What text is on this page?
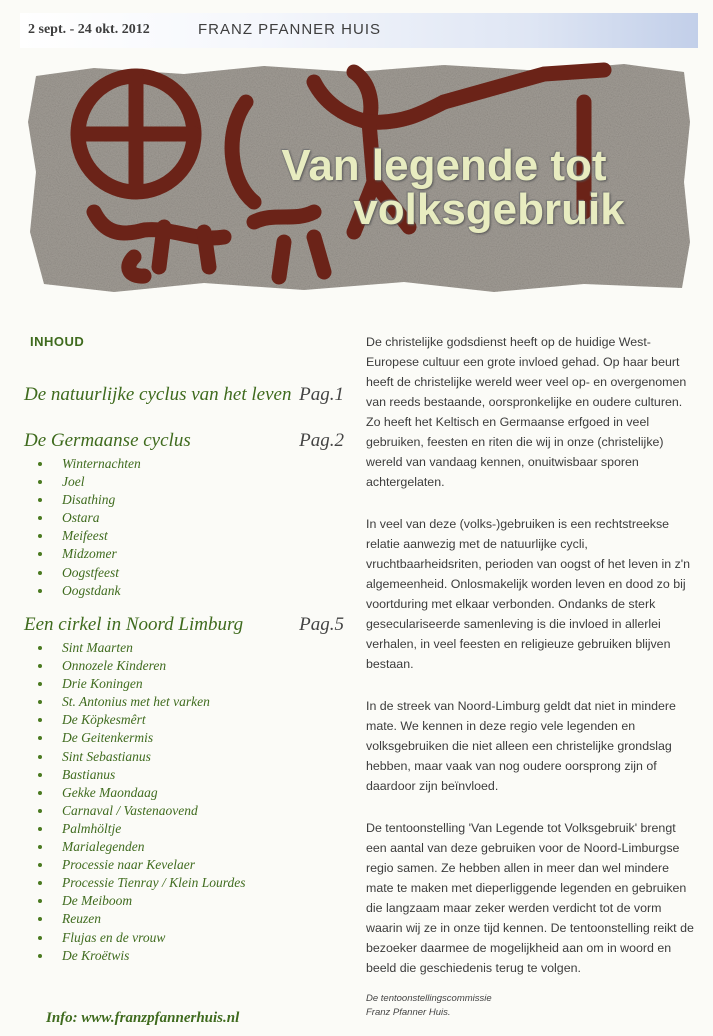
2 sept. - 24 okt. 2012	FRANZ PFANNER HUIS
Van legende tot
volksgebruik
INHOUD
De natuurlijke cyclus van het leven Pag.1
De Germaanse cyclus	Pag.2
Winternachten
Joel
Disathing
Ostara
Meifeest
Midzomer
Oogstfeest
Oogstdank
Een cirkel in Noord Limburg	Pag.5
Sint Maarten
Onnozele Kinderen
Drie Koningen
St. Antonius met het varken
De Köpkesmêrt
De Geitenkermis
Sint Sebastianus
Bastianus
Gekke Maondaag
Carnaval / Vastenaovend
Palmhöltje
Marialegenden
Processie naar Kevelaer
Processie Tienray / Klein Lourdes
De Meiboom
Reuzen
Flujas en de vrouw
De Kroëtwis
Info: www.franzpfannerhuis.nl

De christelijke godsdienst heeft op de huidige West-Europese cultuur een grote invloed gehad. Op haar beurt heeft de christelijke wereld weer veel op- en overgenomen van reeds bestaande, oorspronkelijke en oudere culturen. Zo heeft het Keltisch en Germaanse erfgoed in veel gebruiken, feesten en riten die wij in onze (christelijke) wereld van vandaag kennen, onuitwisbaar sporen achtergelaten.

In veel van deze (volks-)gebruiken is een rechtstreekse relatie aanwezig met de natuurlijke cycli, vruchtbaarheidsriten, perioden van oogst of het leven in z'n algemeenheid. Onlosmakelijk worden leven en dood zo bij voortduring met elkaar verbonden. Ondanks de sterk geseculariseerde samenleving is die invloed in allerlei verhalen, in veel feesten en religieuze gebruiken blijven bestaan.

In de streek van Noord-Limburg geldt dat niet in mindere mate. We kennen in deze regio vele legenden en volksgebruiken die niet alleen een christelijke grondslag hebben, maar vaak van nog oudere oorsprong zijn of daardoor zijn beïnvloed.

De tentoonstelling 'Van Legende tot Volksgebruik' brengt een aantal van deze gebruiken voor de Noord-Limburgse regio samen. Ze hebben allen in meer dan wel mindere mate te maken met dieperliggende legenden en gebruiken die langzaam maar zeker werden verdicht tot de vorm waarin wij ze in onze tijd kennen. De tentoonstelling reikt de bezoeker daarmee de mogelijkheid aan om in woord en beeld die geschiedenis terug te volgen.

De tentoonstellingscommissie
Franz Pfanner Huis.
